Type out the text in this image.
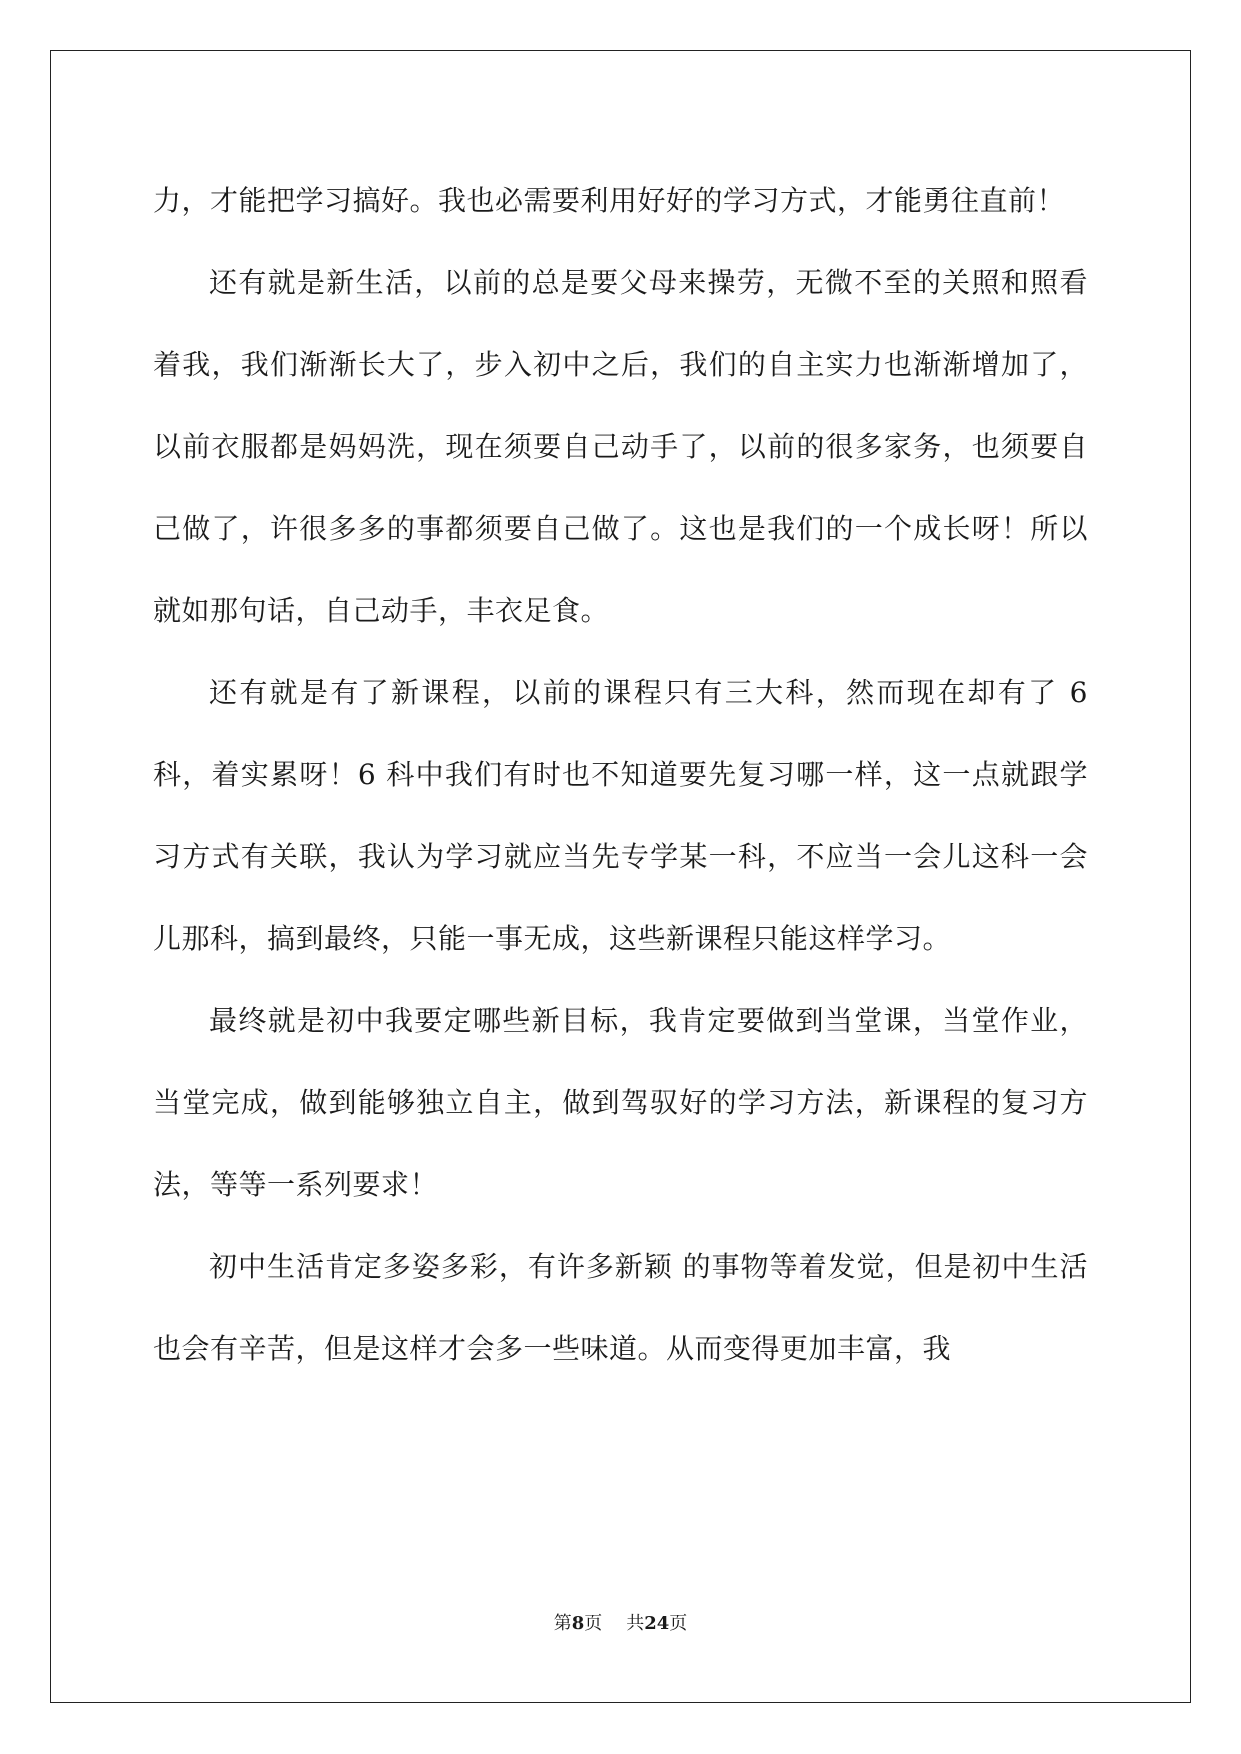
力，才能把学习搞好。我也必需要利用好好的学习方式，才能勇往直前！

还有就是新生活，以前的总是要父母来操劳，无微不至的关照和照看着我，我们渐渐长大了，步入初中之后，我们的自主实力也渐渐增加了，以前衣服都是妈妈洗，现在须要自己动手了，以前的很多家务，也须要自己做了，许很多多的事都须要自己做了。这也是我们的一个成长呀！所以就如那句话，自己动手，丰衣足食。

还有就是有了新课程，以前的课程只有三大科，然而现在却有了 6 科，着实累呀！6 科中我们有时也不知道要先复习哪一样，这一点就跟学习方式有关联，我认为学习就应当先专学某一科，不应当一会儿这科一会儿那科，搞到最终，只能一事无成，这些新课程只能这样学习。

最终就是初中我要定哪些新目标，我肯定要做到当堂课，当堂作业，当堂完成，做到能够独立自主，做到驾驭好的学习方法，新课程的复习方法，等等一系列要求！

初中生活肯定多姿多彩，有许多新颖 的事物等着发觉，但是初中生活也会有辛苦，但是这样才会多一些味道。从而变得更加丰富，我

第8页 共24页
